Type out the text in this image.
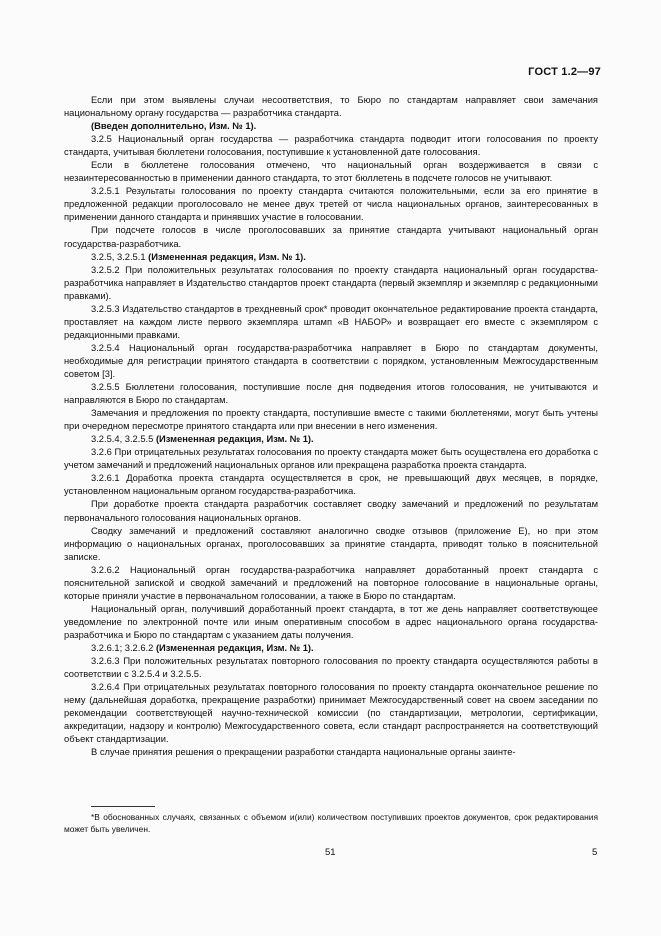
ГОСТ 1.2—97

Если при этом выявлены случаи несоответствия, то Бюро по стандартам направляет свои замечания национальному органу государства — разработчика стандарта.

(Введен дополнительно, Изм. № 1).

3.2.5 Национальный орган государства — разработчика стандарта подводит итоги голосования по проекту стандарта, учитывая бюллетени голосования, поступившие к установленной дате голосования.

Если в бюллетене голосования отмечено, что национальный орган воздерживается в связи с незаинтересованностью в применении данного стандарта, то этот бюллетень в подсчете голосов не учитывают.

3.2.5.1 Результаты голосования по проекту стандарта считаются положительными, если за его принятие в предложенной редакции проголосовало не менее двух третей от числа национальных органов, заинтересованных в применении данного стандарта и принявших участие в голосовании.

При подсчете голосов в числе проголосовавших за принятие стандарта учитывают национальный орган государства-разработчика.

3.2.5, 3.2.5.1 (Измененная редакция, Изм. № 1).

3.2.5.2 При положительных результатах голосования по проекту стандарта национальный орган государства-разработчика направляет в Издательство стандартов проект стандарта (первый экземпляр и экземпляр с редакционными правками).

3.2.5.3 Издательство стандартов в трехдневный срок* проводит окончательное редактирование проекта стандарта, проставляет на каждом листе первого экземпляра штамп «В НАБОР» и возвращает его вместе с экземпляром с редакционными правками.

3.2.5.4 Национальный орган государства-разработчика направляет в Бюро по стандартам документы, необходимые для регистрации принятого стандарта в соответствии с порядком, установленным Межгосударственным советом [3].

3.2.5.5 Бюллетени голосования, поступившие после дня подведения итогов голосования, не учитываются и направляются в Бюро по стандартам.

Замечания и предложения по проекту стандарта, поступившие вместе с такими бюллетенями, могут быть учтены при очередном пересмотре принятого стандарта или при внесении в него изменения.

3.2.5.4, 3.2.5.5 (Измененная редакция, Изм. № 1).

3.2.6 При отрицательных результатах голосования по проекту стандарта может быть осуществлена его доработка с учетом замечаний и предложений национальных органов или прекращена разработка проекта стандарта.

3.2.6.1 Доработка проекта стандарта осуществляется в срок, не превышающий двух месяцев, в порядке, установленном национальным органом государства-разработчика.

При доработке проекта стандарта разработчик составляет сводку замечаний и предложений по результатам первоначального голосования национальных органов.

Сводку замечаний и предложений составляют аналогично сводке отзывов (приложение Е), но при этом информацию о национальных органах, проголосовавших за принятие стандарта, приводят только в пояснительной записке.

3.2.6.2 Национальный орган государства-разработчика направляет доработанный проект стандарта с пояснительной запиской и сводкой замечаний и предложений на повторное голосование в национальные органы, которые приняли участие в первоначальном голосовании, а также в Бюро по стандартам.

Национальный орган, получивший доработанный проект стандарта, в тот же день направляет соответствующее уведомление по электронной почте или иным оперативным способом в адрес национального органа государства-разработчика и Бюро по стандартам с указанием даты получения.

3.2.6.1; 3.2.6.2 (Измененная редакция, Изм. № 1).

3.2.6.3 При положительных результатах повторного голосования по проекту стандарта осуществляются работы в соответствии с 3.2.5.4 и 3.2.5.5.

3.2.6.4 При отрицательных результатах повторного голосования по проекту стандарта окончательное решение по нему (дальнейшая доработка, прекращение разработки) принимает Межгосударственный совет на своем заседании по рекомендации соответствующей научно-технической комиссии (по стандартизации, метрологии, сертификации, аккредитации, надзору и контролю) Межгосударственного совета, если стандарт распространяется на соответствующий объект стандартизации.

В случае принятия решения о прекращении разработки стандарта национальные органы заинте-

*В обоснованных случаях, связанных с объемом и(или) количеством поступивших проектов документов, срок редактирования может быть увеличен.

51	5
